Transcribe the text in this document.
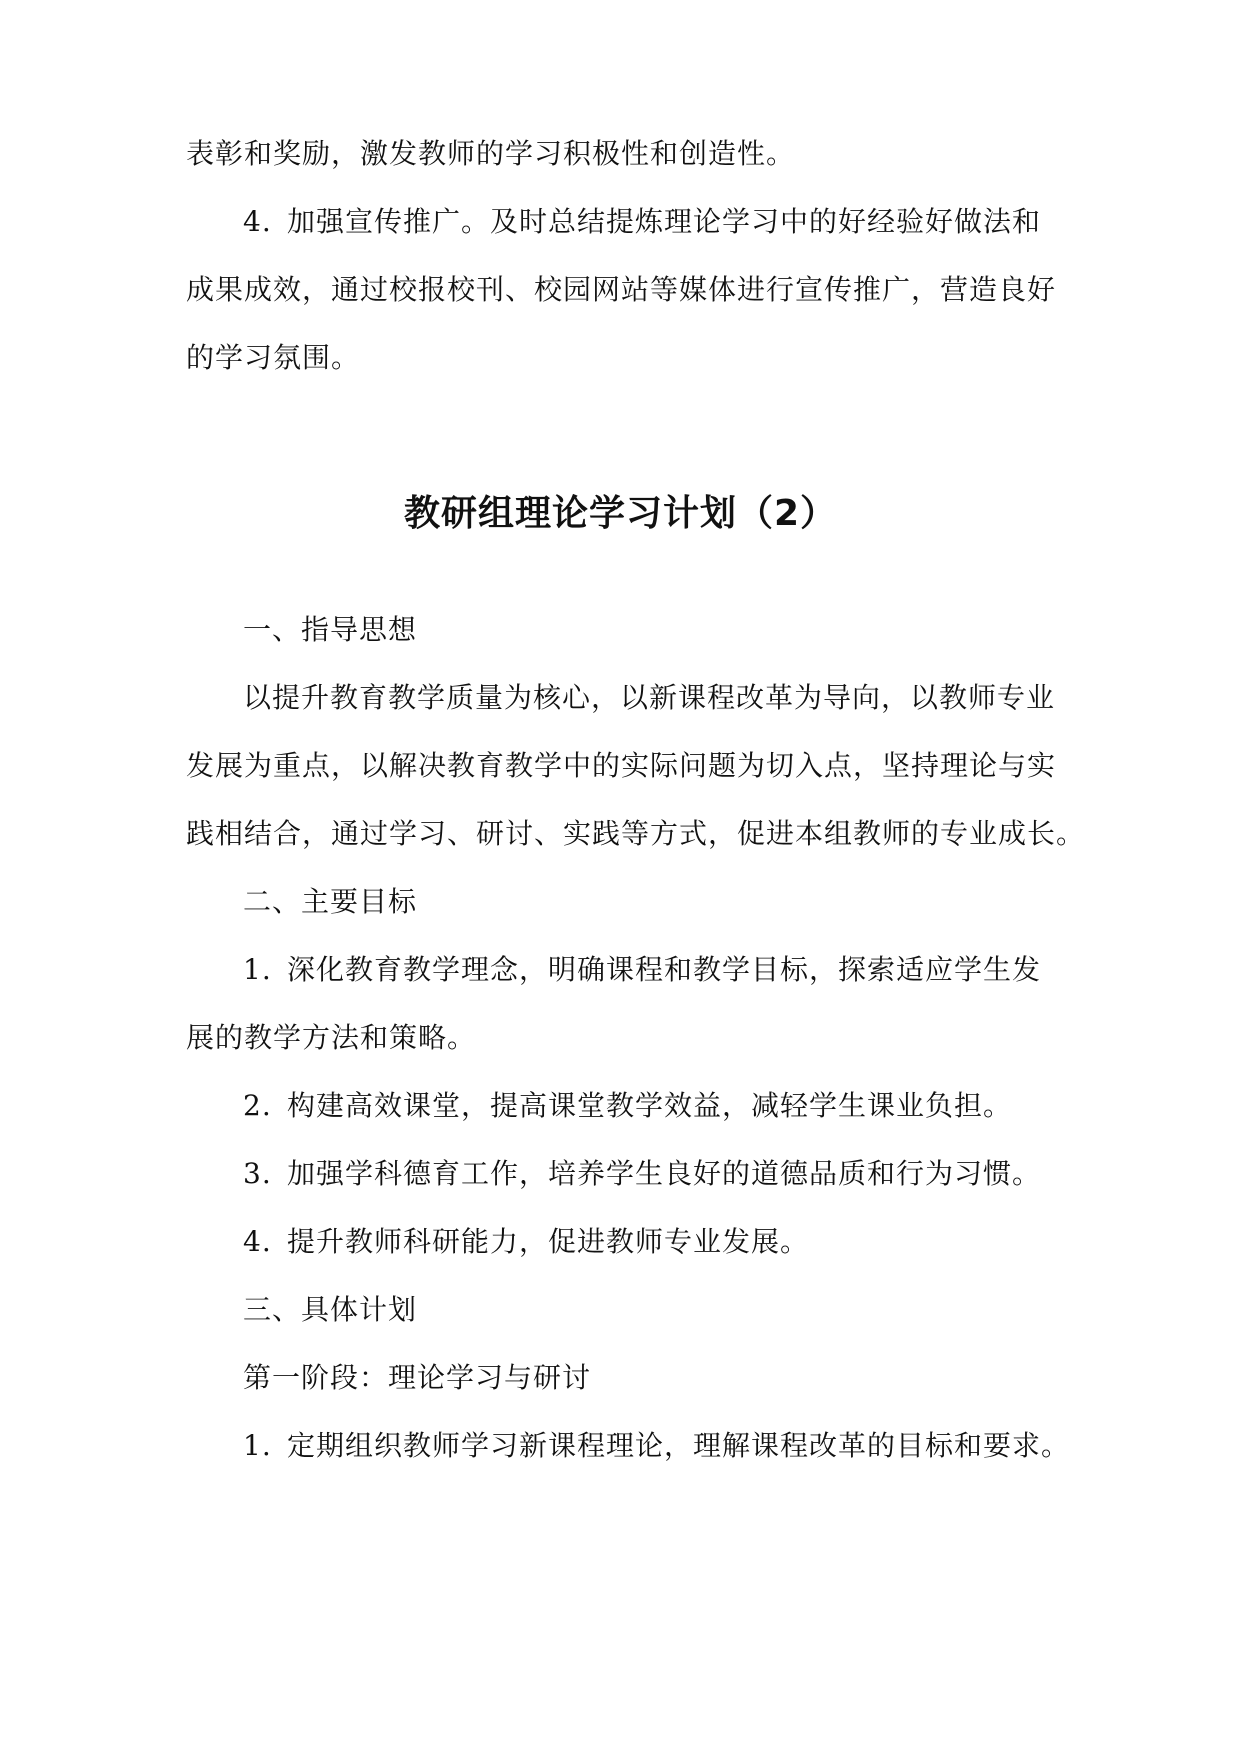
表彰和奖励，激发教师的学习积极性和创造性。
4. 加强宣传推广。及时总结提炼理论学习中的好经验好做法和
成果成效，通过校报校刊、校园网站等媒体进行宣传推广，营造良好
的学习氛围。
教研组理论学习计划（2）
一、指导思想
以提升教育教学质量为核心，以新课程改革为导向，以教师专业
发展为重点，以解决教育教学中的实际问题为切入点，坚持理论与实
践相结合，通过学习、研讨、实践等方式，促进本组教师的专业成长。
二、主要目标
1. 深化教育教学理念，明确课程和教学目标，探索适应学生发
展的教学方法和策略。
2. 构建高效课堂，提高课堂教学效益，减轻学生课业负担。
3. 加强学科德育工作，培养学生良好的道德品质和行为习惯。
4. 提升教师科研能力，促进教师专业发展。
三、具体计划
第一阶段：理论学习与研讨
1. 定期组织教师学习新课程理论，理解课程改革的目标和要求。
